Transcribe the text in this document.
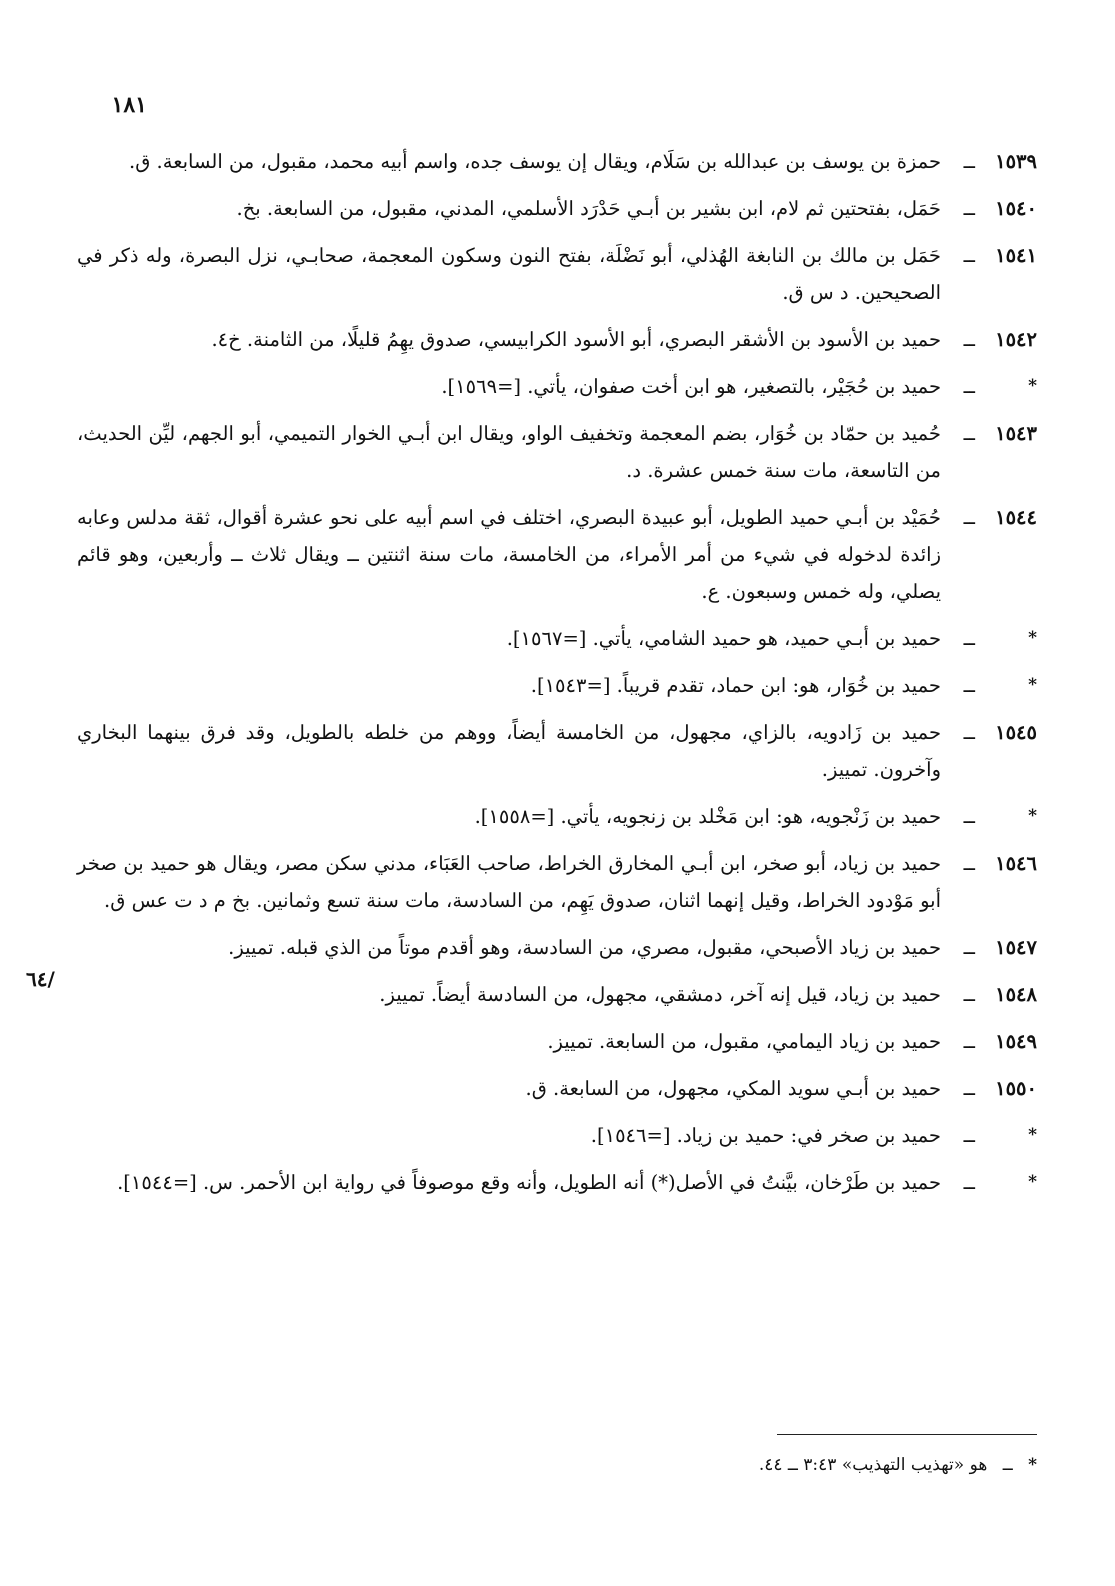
١٨١
/٦٤
١٥٣٩
ــ
حمزة بن يوسف بن عبدالله بن سَلَام، ويقال إن يوسف جده، واسم أبيه محمد، مقبول، من السابعة. ق.
١٥٤٠
ــ
حَمَل، بفتحتين ثم لام، ابن بشير بن أبـي حَدْرَد الأسلمي، المدني، مقبول، من السابعة. بخ.
١٥٤١
ــ
حَمَل بن مالك بن النابغة الهُذلي، أبو نَضْلَة، بفتح النون وسكون المعجمة، صحابـي، نزل البصرة، وله ذكر في الصحيحين. د س ق.
١٥٤٢
ــ
حميد بن الأسود بن الأشقر البصري، أبو الأسود الكرابيسي، صدوق يهِمُ قليلًا، من الثامنة. خ٤.
*
ــ
حميد بن حُجَيْر، بالتصغير، هو ابن أخت صفوان، يأتي. [=١٥٦٩].
١٥٤٣
ــ
حُميد بن حمّاد بن خُوَار، بضم المعجمة وتخفيف الواو، ويقال ابن أبـي الخوار التميمي، أبو الجهم، ليِّن الحديث، من التاسعة، مات سنة خمس عشرة. د.
١٥٤٤
ــ
حُمَيْد بن أبـي حميد الطويل، أبو عبيدة البصري، اختلف في اسم أبيه على نحو عشرة أقوال، ثقة مدلس وعابه زائدة لدخوله في شيء من أمر الأمراء، من الخامسة، مات سنة اثنتين ــ ويقال ثلاث ــ وأربعين، وهو قائم يصلي، وله خمس وسبعون. ع.
*
ــ
حميد بن أبـي حميد، هو حميد الشامي، يأتي. [=١٥٦٧].
*
ــ
حميد بن خُوَار، هو: ابن حماد، تقدم قريباً. [=١٥٤٣].
١٥٤٥
ــ
حميد بن زَادويه، بالزاي، مجهول، من الخامسة أيضاً، ووهم من خلطه بالطويل، وقد فرق بينهما البخاري وآخرون. تمييز.
*
ــ
حميد بن زَنْجويه، هو: ابن مَخْلد بن زنجويه، يأتي. [=١٥٥٨].
١٥٤٦
ــ
حميد بن زياد، أبو صخر، ابن أبـي المخارق الخراط، صاحب العَبَاء، مدني سكن مصر، ويقال هو حميد بن صخر أبو مَوْدود الخراط، وقيل إنهما اثنان، صدوق يَهِم، من السادسة، مات سنة تسع وثمانين. بخ م د ت عس ق.
١٥٤٧
ــ
حميد بن زياد الأصبحي، مقبول، مصري، من السادسة، وهو أقدم موتاً من الذي قبله. تمييز.
١٥٤٨
ــ
حميد بن زياد، قيل إنه آخر، دمشقي، مجهول، من السادسة أيضاً. تمييز.
١٥٤٩
ــ
حميد بن زياد اليمامي، مقبول، من السابعة. تمييز.
١٥٥٠
ــ
حميد بن أبـي سويد المكي، مجهول، من السابعة. ق.
*
ــ
حميد بن صخر في: حميد بن زياد. [=١٥٤٦].
*
ــ
حميد بن طَرْخان، بيَّنتُ في الأصل(*) أنه الطويل، وأنه وقع موصوفاً في رواية ابن الأحمر. س. [=١٥٤٤].
* ــ هو «تهذيب التهذيب» ٣:٤٣ ــ ٤٤.
